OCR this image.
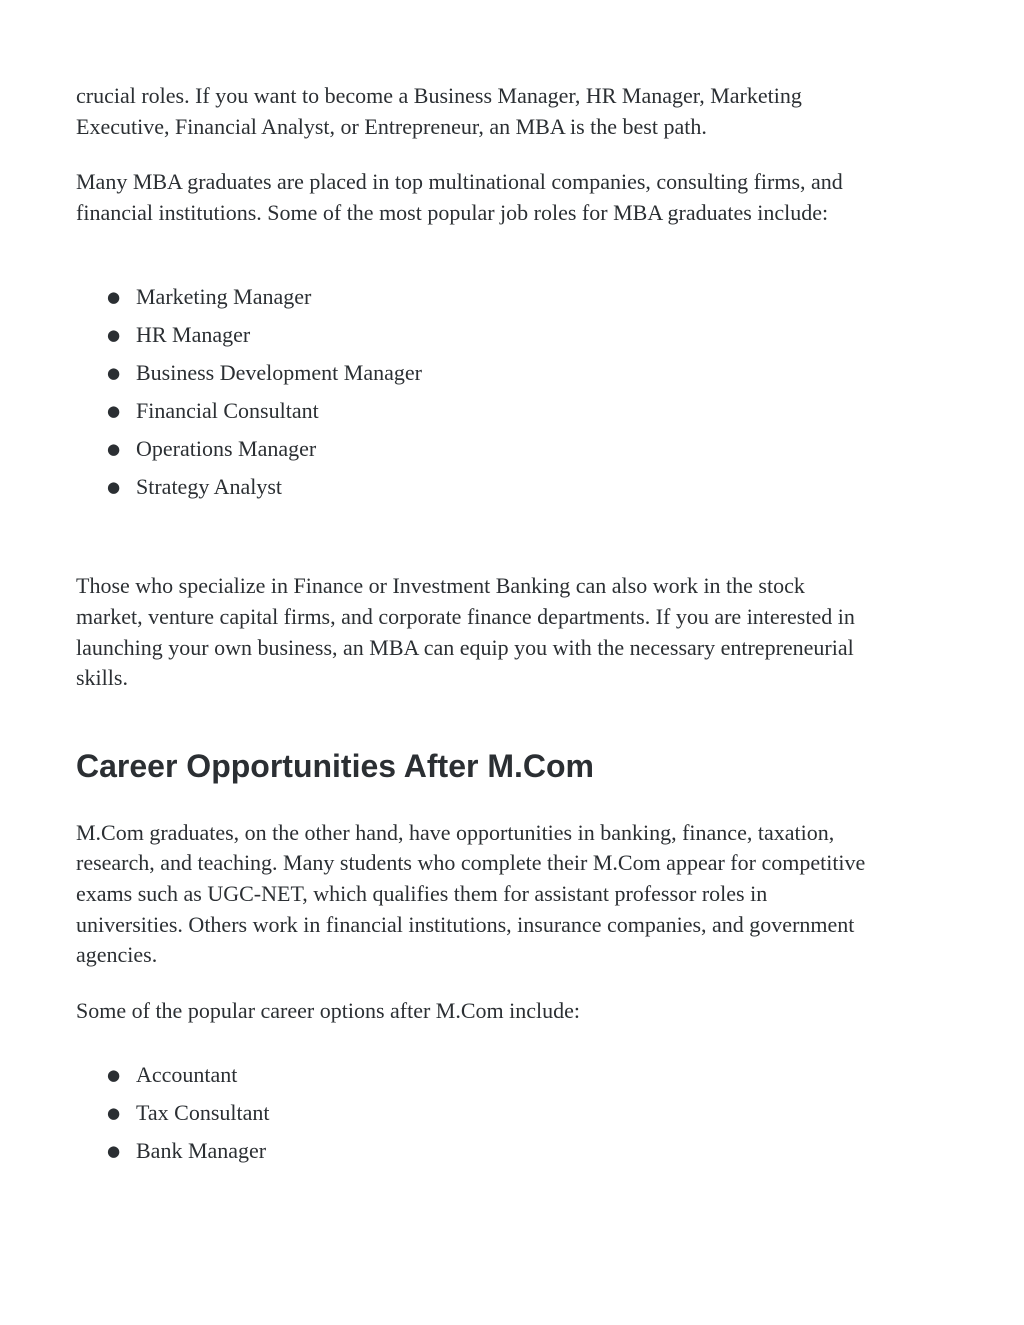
crucial roles. If you want to become a Business Manager, HR Manager, Marketing Executive, Financial Analyst, or Entrepreneur, an MBA is the best path.

Many MBA graduates are placed in top multinational companies, consulting firms, and financial institutions. Some of the most popular job roles for MBA graduates include:

● Marketing Manager
● HR Manager
● Business Development Manager
● Financial Consultant
● Operations Manager
● Strategy Analyst

Those who specialize in Finance or Investment Banking can also work in the stock market, venture capital firms, and corporate finance departments. If you are interested in launching your own business, an MBA can equip you with the necessary entrepreneurial skills.

Career Opportunities After M.Com

M.Com graduates, on the other hand, have opportunities in banking, finance, taxation, research, and teaching. Many students who complete their M.Com appear for competitive exams such as UGC-NET, which qualifies them for assistant professor roles in universities. Others work in financial institutions, insurance companies, and government agencies.

Some of the popular career options after M.Com include:

● Accountant
● Tax Consultant
● Bank Manager
